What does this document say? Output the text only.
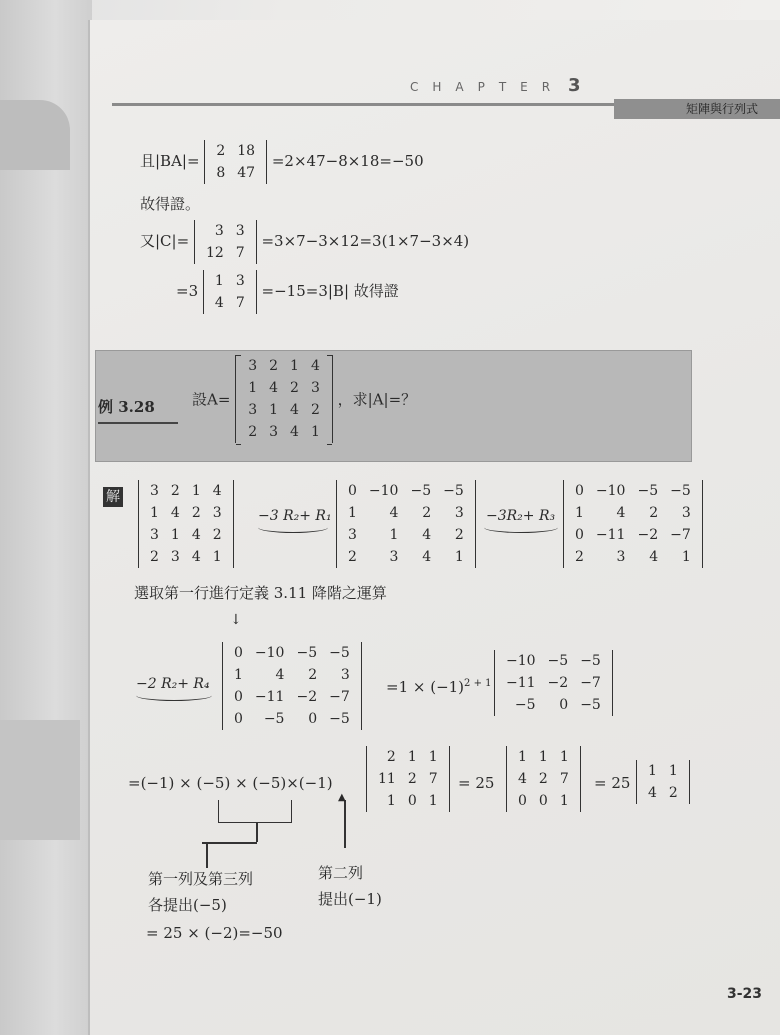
CHAPTER 3
矩陣與行列式
且|BA|=
2	18
8	47
=2×47−8×18=−50
故得證。
又|C|=
3	3
12	7
=3×7−3×12=3(1×7−3×4)
=3
1	3
4	7
=−15=3|B| 故得證
例 3.28 設A=
3	2	1	4
1	4	2	3
3	1	4	2
2	3	4	1
，求|A|=？
解 3	2	1	4
1	4	2	3
3	1	4	2
2	3	4	1
−3 R₂+ R₁
0	−10	−5	−5
1	4	2	3
3	1	4	2
2	3	4	1
−3R₂+ R₃
0	−10	−5	−5
1	4	2	3
0	−11	−2	−7
2	3	4	1
選取第一行進行定義 3.11 降階之運算
↓
−2 R₂+ R₄
0	−10	−5	−5
1	4	2	3
0	−11	−2	−7
0	−5	0	−5
$=1 \times (-1)^{2 + 1}$
−10	−5	−5
−11	−2	−7
−5	0	−5
=(−1) × (−5) × (−5)×(−1)
2	1	1
11	2	7
1	0	1
= 25
1	1	1
4	2	7
0	0	1
= 25
1	1
4	2
▲
第一列及第三列
各提出(−5)
第二列
提出(−1)
= 25 × (−2)=−50
3-23
